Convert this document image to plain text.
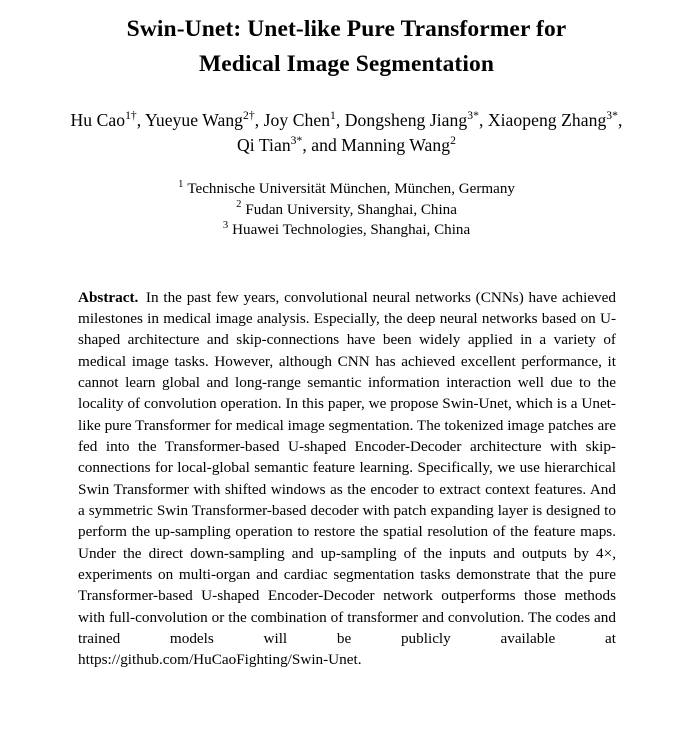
Swin-Unet: Unet-like Pure Transformer for
Medical Image Segmentation
Hu Cao$^{1\dagger}$, Yueyue Wang$^{2\dagger}$, Joy Chen$^1$, Dongsheng Jiang$^{3*}$, Xiaopeng Zhang$^{3*}$,
Qi Tian$^{3*}$, and Manning Wang$^2$
$^1$ Technische Universität München, München, Germany
$^2$ Fudan University, Shanghai, China
$^3$ Huawei Technologies, Shanghai, China

Abstract. In the past few years, convolutional neural networks (CNNs) have achieved milestones in medical image analysis. Especially, the deep neural networks based on U-shaped architecture and skip-connections have been widely applied in a variety of medical image tasks. However, although CNN has achieved excellent performance, it cannot learn global and long-range semantic information interaction well due to the locality of convolution operation. In this paper, we propose Swin-Unet, which is a Unet-like pure Transformer for medical image segmentation. The tokenized image patches are fed into the Transformer-based U-shaped Encoder-Decoder architecture with skip-connections for local-global semantic feature learning. Specifically, we use hierarchical Swin Transformer with shifted windows as the encoder to extract context features. And a symmetric Swin Transformer-based decoder with patch expanding layer is designed to perform the up-sampling operation to restore the spatial resolution of the feature maps. Under the direct down-sampling and up-sampling of the inputs and outputs by 4×, experiments on multi-organ and cardiac segmentation tasks demonstrate that the pure Transformer-based U-shaped Encoder-Decoder network outperforms those methods with full-convolution or the combination of transformer and convolution. The codes and trained models will be publicly available at https://github.com/HuCaoFighting/Swin-Unet.
